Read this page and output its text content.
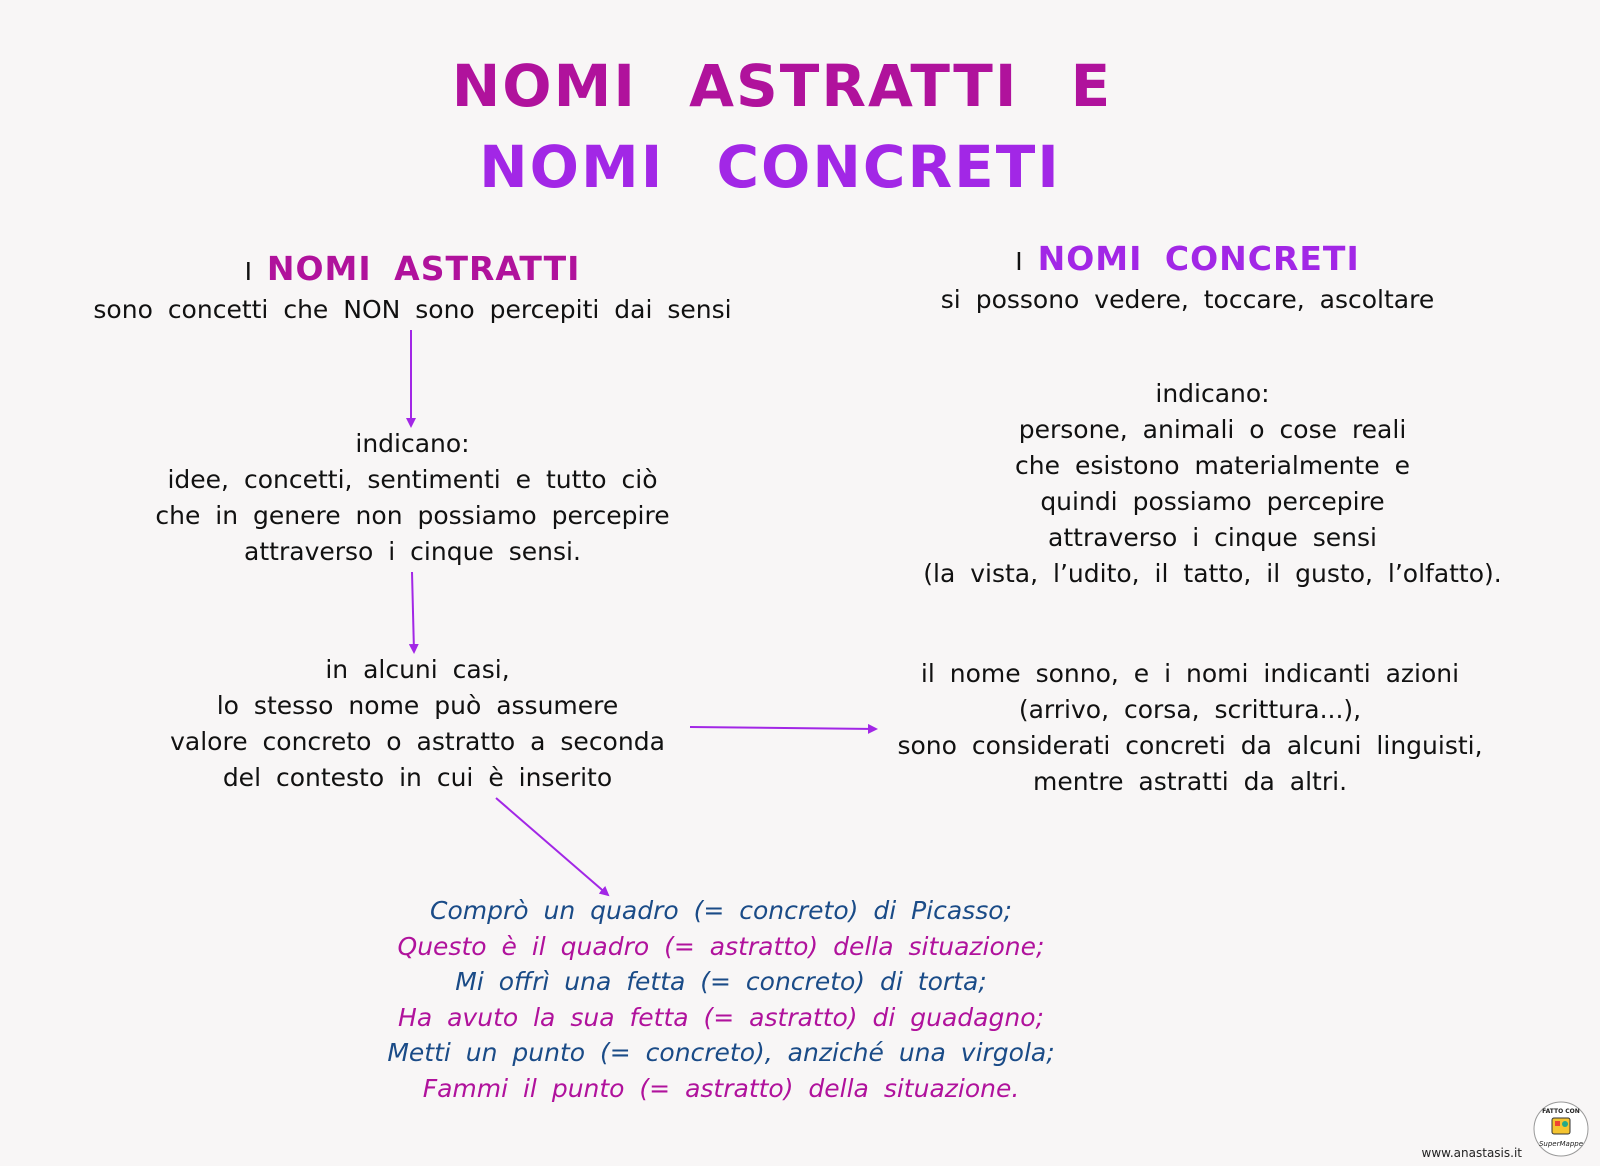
NOMI ASTRATTI E
NOMI CONCRETI
I NOMI ASTRATTI
sono concetti che NON sono percepiti dai sensi
indicano:
idee, concetti, sentimenti e tutto ciò
che in genere non possiamo percepire
attraverso i cinque sensi.
in alcuni casi,
lo stesso nome può assumere
valore concreto o astratto a seconda
del contesto in cui è inserito
I NOMI CONCRETI
si possono vedere, toccare, ascoltare
indicano:
persone, animali o cose reali
che esistono materialmente e
quindi possiamo percepire
attraverso i cinque sensi
(la vista, l’udito, il tatto, il gusto, l’olfatto).
il nome sonno, e i nomi indicanti azioni
(arrivo, corsa, scrittura...),
sono considerati concreti da alcuni linguisti,
mentre astratti da altri.
Comprò un quadro (= concreto) di Picasso;
Questo è il quadro (= astratto) della situazione;
Mi offrì una fetta (= concreto) di torta;
Ha avuto la sua fetta (= astratto) di guadagno;
Metti un punto (= concreto), anziché una virgola;
Fammi il punto (= astratto) della situazione.
www.anastasis.it
FATTO CON
SuperMappe
